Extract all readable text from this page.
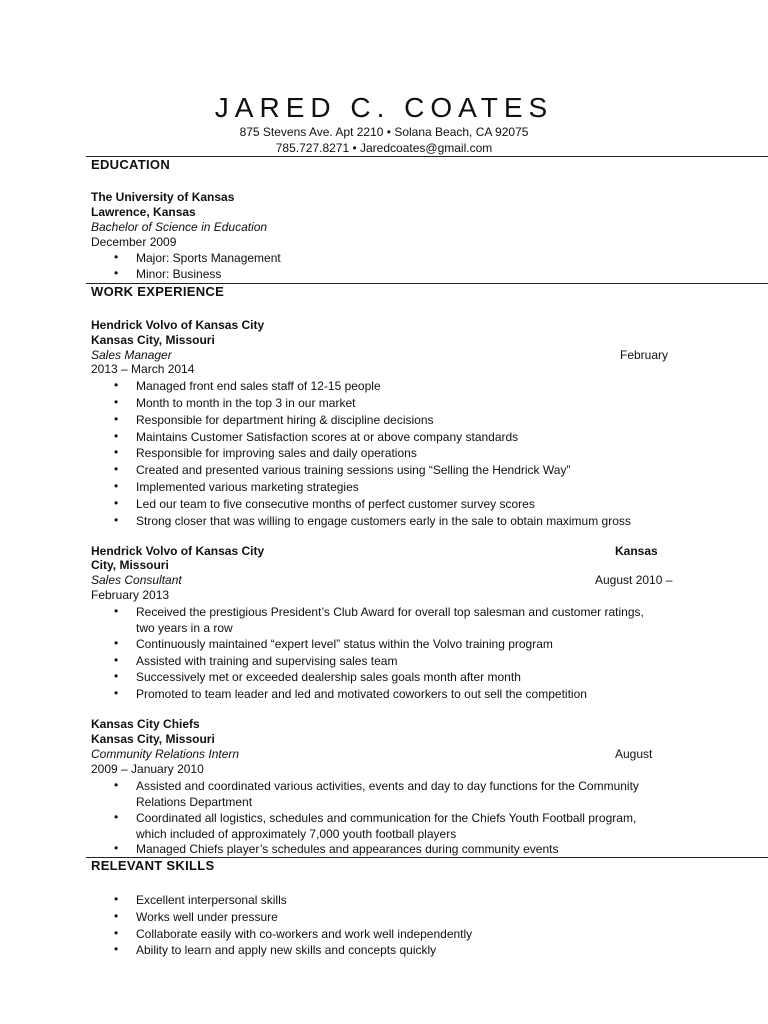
JARED C. COATES
875 Stevens Ave. Apt 2210 • Solana Beach, CA 92075
785.727.8271 • Jaredcoates@gmail.com
EDUCATION
The University of Kansas
Lawrence, Kansas
Bachelor of Science in Education
December 2009
• Major: Sports Management
• Minor: Business
WORK EXPERIENCE
Hendrick Volvo of Kansas City
Kansas City, Missouri
Sales Manager	February
2013 – March 2014
• Managed front end sales staff of 12-15 people
• Month to month in the top 3 in our market
• Responsible for department hiring & discipline decisions
• Maintains Customer Satisfaction scores at or above company standards
• Responsible for improving sales and daily operations
• Created and presented various training sessions using “Selling the Hendrick Way”
• Implemented various marketing strategies
• Led our team to five consecutive months of perfect customer survey scores
• Strong closer that was willing to engage customers early in the sale to obtain maximum gross
Hendrick Volvo of Kansas City	Kansas
City, Missouri
Sales Consultant	August 2010 –
February 2013
• Received the prestigious President’s Club Award for overall top salesman and customer ratings,
two years in a row
• Continuously maintained “expert level” status within the Volvo training program
• Assisted with training and supervising sales team
• Successively met or exceeded dealership sales goals month after month
• Promoted to team leader and led and motivated coworkers to out sell the competition
Kansas City Chiefs
Kansas City, Missouri
Community Relations Intern	August
2009 – January 2010
• Assisted and coordinated various activities, events and day to day functions for the Community
Relations Department
• Coordinated all logistics, schedules and communication for the Chiefs Youth Football program,
which included of approximately 7,000 youth football players
• Managed Chiefs player’s schedules and appearances during community events
RELEVANT SKILLS
• Excellent interpersonal skills
• Works well under pressure
• Collaborate easily with co-workers and work well independently
• Ability to learn and apply new skills and concepts quickly
